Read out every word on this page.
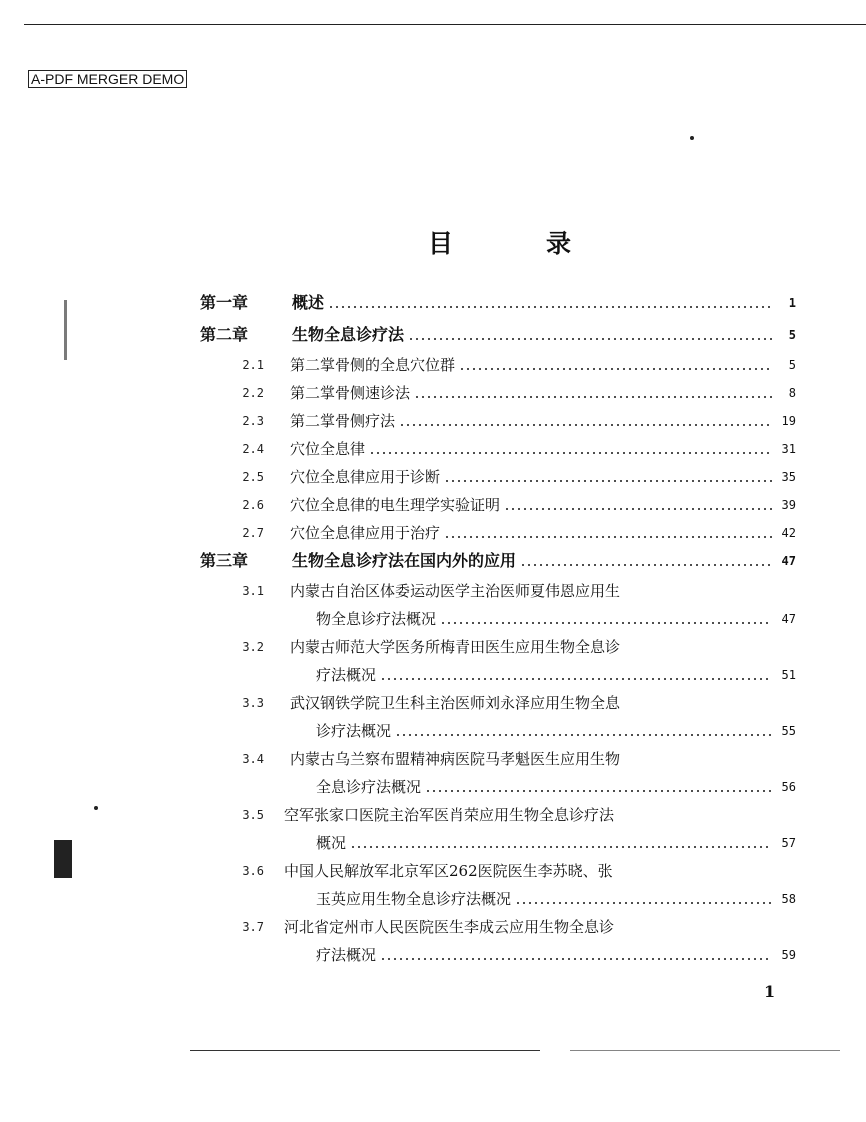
A-PDF MERGER DEMO
目	录
第一章	概述	1
第二章	生物全息诊疗法	5
2.1 第二掌骨侧的全息穴位群	5
2.2 第二掌骨侧速诊法	8
2.3 第二掌骨侧疗法	19
2.4 穴位全息律	31
2.5 穴位全息律应用于诊断	35
2.6 穴位全息律的电生理学实验证明	39
2.7 穴位全息律应用于治疗	42
第三章	生物全息诊疗法在国内外的应用	47
3.1 内蒙古自治区体委运动医学主治医师夏伟恩应用生
物全息诊疗法概况	47
3.2 内蒙古师范大学医务所梅青田医生应用生物全息诊
疗法概况	51
3.3 武汉钢铁学院卫生科主治医师刘永泽应用生物全息
诊疗法概况	55
3.4 内蒙古乌兰察布盟精神病医院马孝魁医生应用生物
全息诊疗法概况	56
3.5 空军张家口医院主治军医肖荣应用生物全息诊疗法
概况	57
3.6 中国人民解放军北京军区262医院医生李苏晓、张
玉英应用生物全息诊疗法概况	58
3.7 河北省定州市人民医院医生李成云应用生物全息诊
疗法概况	59
1
